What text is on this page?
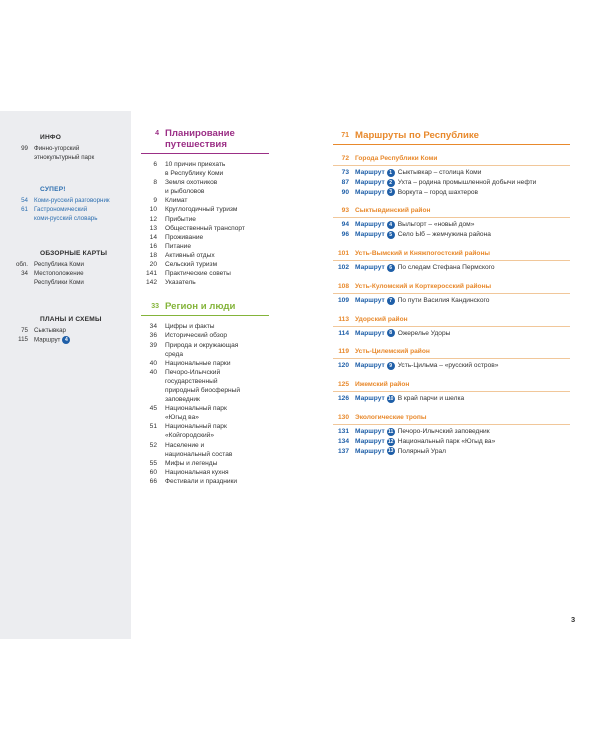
ИНФО
99 Финно-угорский
этнокультурный парк
СУПЕР!
54 Коми-русский разговорник
61 Гастрономический
коми-русский словарь
ОБЗОРНЫЕ КАРТЫ
обл. Республика Коми
34 Местоположение
Республики Коми
ПЛАНЫ И СХЕМЫ
75 Сыктывкар
115 Маршрут 4
4 Планирование
путешествия
6	10 причин приехать
в Республику Коми
8	Земля охотников
и рыболовов
9	Климат
10	Круглогодичный туризм
12	Прибытие
13	Общественный транспорт
14	Проживание
16	Питание
18	Активный отдых
20	Сельский туризм
141	Практические советы
142	Указатель
33 Регион и люди
34	Цифры и факты
36	Исторический обзор
39	Природа и окружающая
среда
40	Национальные парки
40	Печоро-Илычский
государственный
природный биосферный
заповедник
45	Национальный парк
«Югыд ва»
51	Национальный парк
«Койгородский»
52	Население и
национальный состав
55	Мифы и легенды
60	Национальная кухня
66	Фестивали и праздники
71 Маршруты по Республике
72 Города Республики Коми
73 Маршрут 1 Сыктывкар – столица Коми
87 Маршрут 2 Ухта – родина промышленной добычи нефти
90 Маршрут 3 Воркута – город шахтеров
93 Сыктывдинский район
94 Маршрут 4 Выльгорт – «новый дом»
96 Маршрут 5 Село Ыб – жемчужина района
101 Усть-Вымский и Княжпогостский районы
102 Маршрут 6 По следам Стефана Пермского
108 Усть-Куломский и Корткеросский районы
109 Маршрут 7 По пути Василия Кандинского
113 Удорский район
114 Маршрут 8 Ожерелье Удоры
119 Усть-Цилемский район
120 Маршрут 9 Усть-Цильма – «русский остров»
125 Ижемский район
126 Маршрут 10 В край парчи и шелка
130 Экологические тропы
131 Маршрут 11 Печоро-Илычский заповедник
134 Маршрут 12 Национальный парк «Югыд ва»
137 Маршрут 13 Полярный Урал
3
